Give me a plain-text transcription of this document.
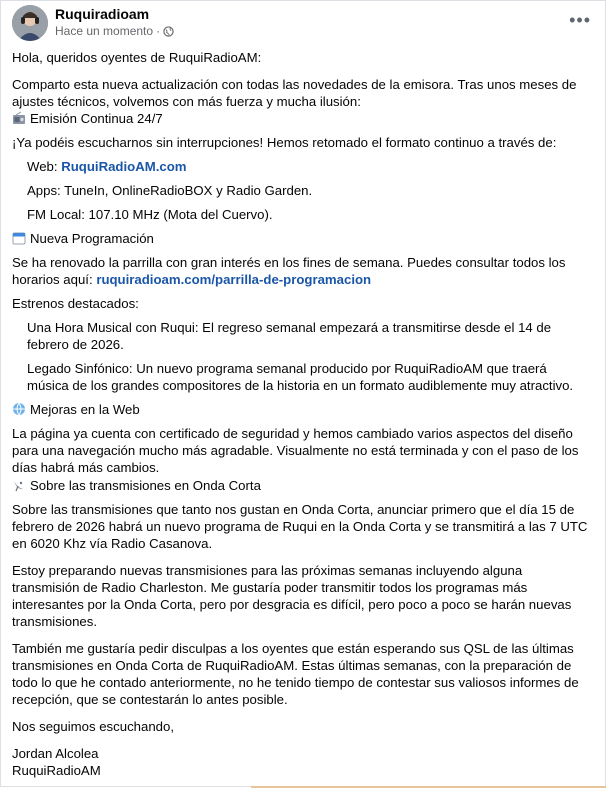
Ruquiradioam
Hace un momento ·
•••

Hola, queridos oyentes de RuquiRadioAM:

Comparto esta nueva actualización con todas las novedades de la emisora. Tras unos meses de ajustes técnicos, volvemos con más fuerza y mucha ilusión:

Emisión Continua 24/7

¡Ya podéis escucharnos sin interrupciones! Hemos retomado el formato continuo a través de:

Web: RuquiRadioAM.com

Apps: TuneIn, OnlineRadioBOX y Radio Garden.

FM Local: 107.10 MHz (Mota del Cuervo).

Nueva Programación

Se ha renovado la parrilla con gran interés en los fines de semana. Puedes consultar todos los horarios aquí: ruquiradioam.com/parrilla-de-programacion

Estrenos destacados:

Una Hora Musical con Ruqui: El regreso semanal empezará a transmitirse desde el 14 de febrero de 2026.

Legado Sinfónico: Un nuevo programa semanal producido por RuquiRadioAM que traerá música de los grandes compositores de la historia en un formato audiblemente muy atractivo.

Mejoras en la Web

La página ya cuenta con certificado de seguridad y hemos cambiado varios aspectos del diseño para una navegación mucho más agradable. Visualmente no está terminada y con el paso de los días habrá más cambios.

Sobre las transmisiones en Onda Corta

Sobre las transmisiones que tanto nos gustan en Onda Corta, anunciar primero que el día 15 de febrero de 2026 habrá un nuevo programa de Ruqui en la Onda Corta y se transmitirá a las 7 UTC en 6020 Khz vía Radio Casanova.

Estoy preparando nuevas transmisiones para las próximas semanas incluyendo alguna transmisión de Radio Charleston. Me gustaría poder transmitir todos los programas más interesantes por la Onda Corta, pero por desgracia es difícil, pero poco a poco se harán nuevas transmisiones.

También me gustaría pedir disculpas a los oyentes que están esperando sus QSL de las últimas transmisiones en Onda Corta de RuquiRadioAM. Estas últimas semanas, con la preparación de todo lo que he contado anteriormente, no he tenido tiempo de contestar sus valiosos informes de recepción, que se contestarán lo antes posible.

Nos seguimos escuchando,

Jordan Alcolea

RuquiRadioAM
